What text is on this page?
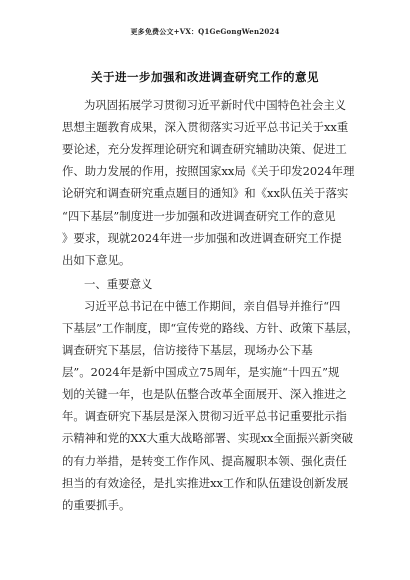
更多免费公文+VX：Q1GeGongWen2024
关于进一步加强和改进调查研究工作的意见
为巩固拓展学习贯彻习近平新时代中国特色社会主义
思想主题教育成果，深入贯彻落实习近平总书记关于xx重
要论述，充分发挥理论研究和调查研究辅助决策、促进工
作、助力发展的作用，按照国家xx局《关于印发2024年理
论研究和调查研究重点题目的通知》和《xx队伍关于落实
“四下基层”制度进一步加强和改进调查研究工作的意见
》要求，现就2024年进一步加强和改进调查研究工作提
出如下意见。
一、重要意义
习近平总书记在中德工作期间，亲自倡导并推行“四
下基层”工作制度，即“宣传党的路线、方针、政策下基层，
调查研究下基层，信访接待下基层，现场办公下基
层”。2024年是新中国成立75周年，是实施“十四五”规
划的关键一年，也是队伍整合改革全面展开、深入推进之
年。调查研究下基层是深入贯彻习近平总书记重要批示指
示精神和党的XX大重大战略部署、实现xx全面振兴新突破
的有力举措，是转变工作作风、提高履职本领、强化责任
担当的有效途径，是扎实推进xx工作和队伍建设创新发展
的重要抓手。
